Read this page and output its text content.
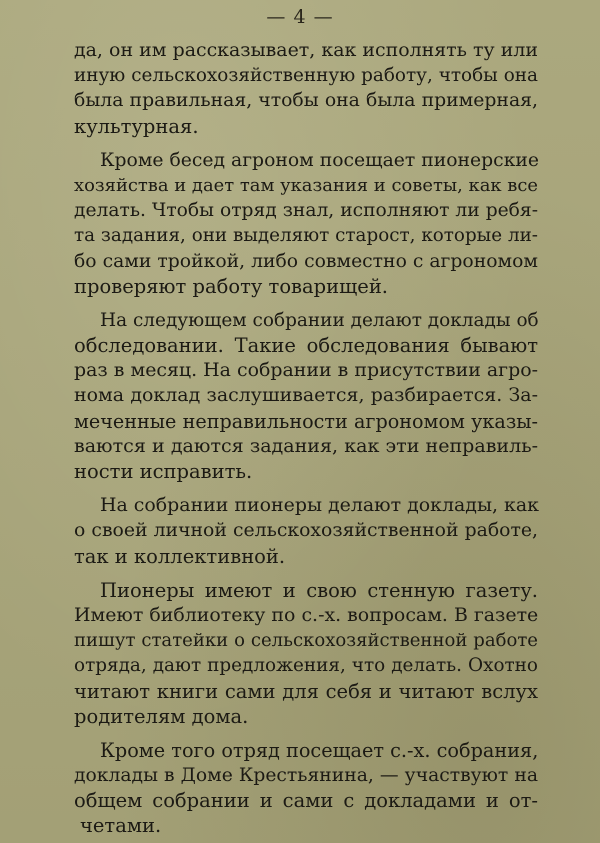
— 4 —
да, он им рассказывает, как исполнять ту или
иную сельскохозяйственную работу, чтобы она
была правильная, чтобы она была примерная,
культурная.
Кроме бесед агроном посещает пионерские
хозяйства и дает там указания и советы, как все
делать. Чтобы отряд знал, исполняют ли ребя-
та задания, они выделяют старост, которые ли-
бо сами тройкой, либо совместно с агрономом
проверяют работу товарищей.
На следующем собрании делают доклады об
обследовании. Такие обследования бывают
раз в месяц. На собрании в присутствии агро-
нома доклад заслушивается, разбирается. За-
меченные неправильности агрономом указы-
ваются и даются задания, как эти неправиль-
ности исправить.
На собрании пионеры делают доклады, как
о своей личной сельскохозяйственной работе,
так и коллективной.
Пионеры имеют и свою стенную газету.
Имеют библиотеку по с.-х. вопросам. В газете
пишут статейки о сельскохозяйственной работе
отряда, дают предложения, что делать. Охотно
читают книги сами для себя и читают вслух
родителям дома.
Кроме того отряд посещает с.-х. собрания,
доклады в Доме Крестьянина, — участвуют на
общем собрании и сами с докладами и от-
четами.
